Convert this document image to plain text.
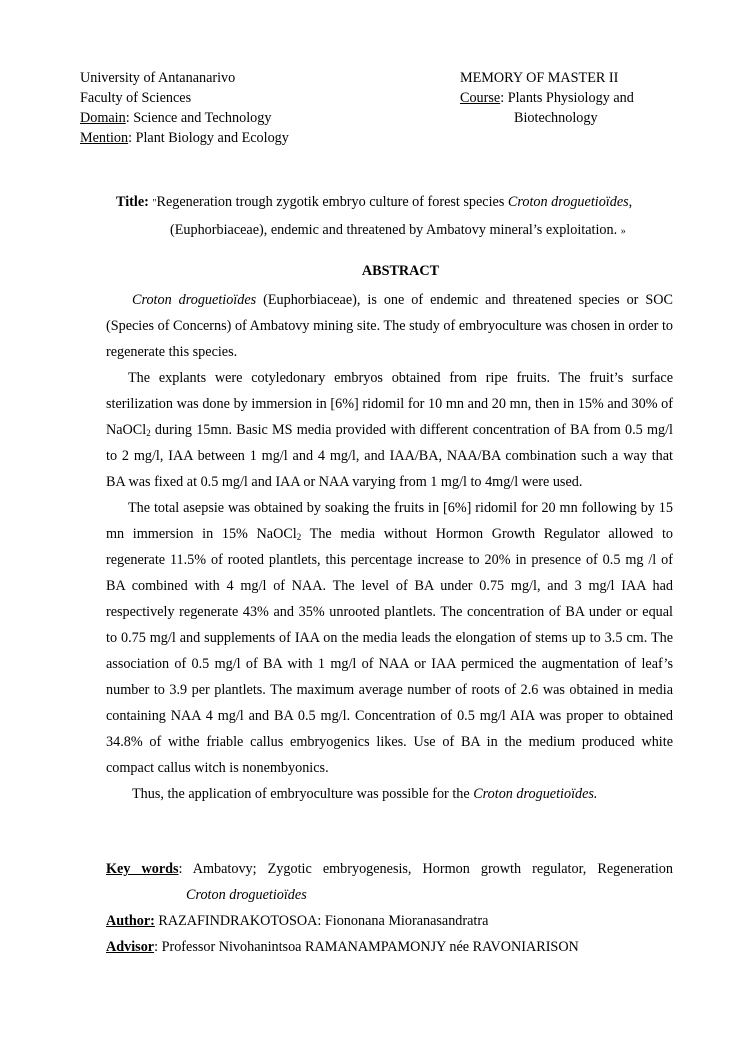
University of Antananarivo
Faculty of Sciences
Domain: Science and Technology
Mention: Plant Biology and Ecology
MEMORY OF MASTER II
Course: Plants Physiology and
Biotechnology
Title: "Regeneration trough zygotik embryo culture of forest species Croton droguetioïdes,
(Euphorbiaceae), endemic and threatened by Ambatovy mineral’s exploitation. »
ABSTRACT

Croton droguetioïdes (Euphorbiaceae), is one of endemic and threatened species or SOC (Species of Concerns) of Ambatovy mining site. The study of embryoculture was chosen in order to regenerate this species.

The explants were cotyledonary embryos obtained from ripe fruits. The fruit’s surface sterilization was done by immersion in [6%] ridomil for 10 mn and 20 mn, then in 15% and 30% of NaOCl$_2$ during 15mn. Basic MS media provided with different concentration of BA from 0.5 mg/l to 2 mg/l, IAA between 1 mg/l and 4 mg/l, and IAA/BA, NAA/BA combination such a way that BA was fixed at 0.5 mg/l and IAA or NAA varying from 1 mg/l to 4mg/l were used.

The total asepsie was obtained by soaking the fruits in [6%] ridomil for 20 mn following by 15 mn immersion in 15% NaOCl$_2$ The media without Hormon Growth Regulator allowed to regenerate 11.5% of rooted plantlets, this percentage increase to 20% in presence of 0.5 mg /l of BA combined with 4 mg/l of NAA. The level of BA under 0.75 mg/l, and 3 mg/l IAA had respectively regenerate 43% and 35% unrooted plantlets. The concentration of BA under or equal to 0.75 mg/l and supplements of IAA on the media leads the elongation of stems up to 3.5 cm. The association of 0.5 mg/l of BA with 1 mg/l of NAA or IAA permiced the augmentation of leaf’s number to 3.9 per plantlets. The maximum average number of roots of 2.6 was obtained in media containing NAA 4 mg/l and BA 0.5 mg/l. Concentration of 0.5 mg/l AIA was proper to obtained 34.8% of withe friable callus embryogenics likes. Use of BA in the medium produced white compact callus witch is nonembyonics.

Thus, the application of embryoculture was possible for the Croton droguetioïdes.

Key words: Ambatovy; Zygotic embryogenesis, Hormon growth regulator, Regeneration
Croton droguetioïdes
Author: RAZAFINDRAKOTOSOA: Fiononana Mioranasandratra
Advisor: Professor Nivohanintsoa RAMANAMPAMONJY née RAVONIARISON
